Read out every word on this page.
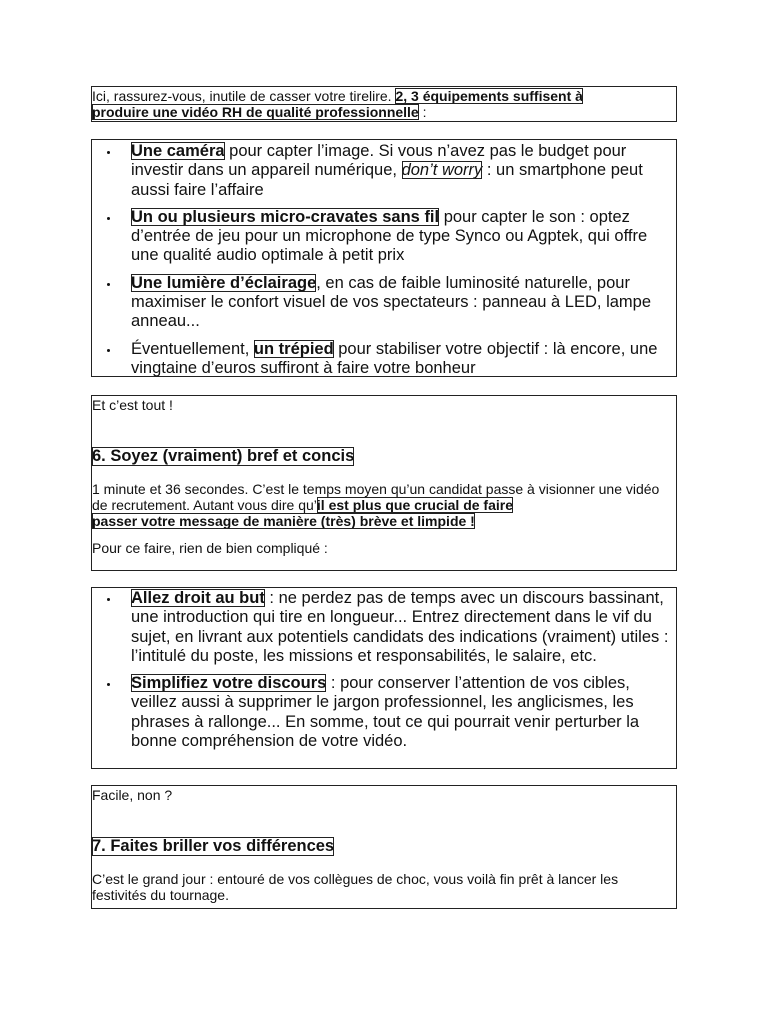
Ici, rassurez-vous, inutile de casser votre tirelire. 2, 3 équipements suffisent à
produire une vidéo RH de qualité professionnelle :

Une caméra pour capter l’image. Si vous n’avez pas le budget pour investir dans un appareil numérique, don’t worry : un smartphone peut aussi faire l’affaire
Un ou plusieurs micro-cravates sans fil pour capter le son : optez d’entrée de jeu pour un microphone de type Synco ou Agptek, qui offre une qualité audio optimale à petit prix
Une lumière d’éclairage, en cas de faible luminosité naturelle, pour maximiser le confort visuel de vos spectateurs : panneau à LED, lampe anneau...
Éventuellement, un trépied pour stabiliser votre objectif : là encore, une vingtaine d’euros suffiront à faire votre bonheur

Et c’est tout !

6. Soyez (vraiment) bref et concis

1 minute et 36 secondes. C’est le temps moyen qu’un candidat passe à visionner une vidéo de recrutement. Autant vous dire qu’il est plus que crucial de faire
passer votre message de manière (très) brève et limpide !

Pour ce faire, rien de bien compliqué :

Allez droit au but : ne perdez pas de temps avec un discours bassinant, une introduction qui tire en longueur... Entrez directement dans le vif du sujet, en livrant aux potentiels candidats des indications (vraiment) utiles : l’intitulé du poste, les missions et responsabilités, le salaire, etc.
Simplifiez votre discours : pour conserver l’attention de vos cibles, veillez aussi à supprimer le jargon professionnel, les anglicismes, les phrases à rallonge... En somme, tout ce qui pourrait venir perturber la bonne compréhension de votre vidéo.

Facile, non ?

7. Faites briller vos différences

C’est le grand jour : entouré de vos collègues de choc, vous voilà fin prêt à lancer les festivités du tournage.
